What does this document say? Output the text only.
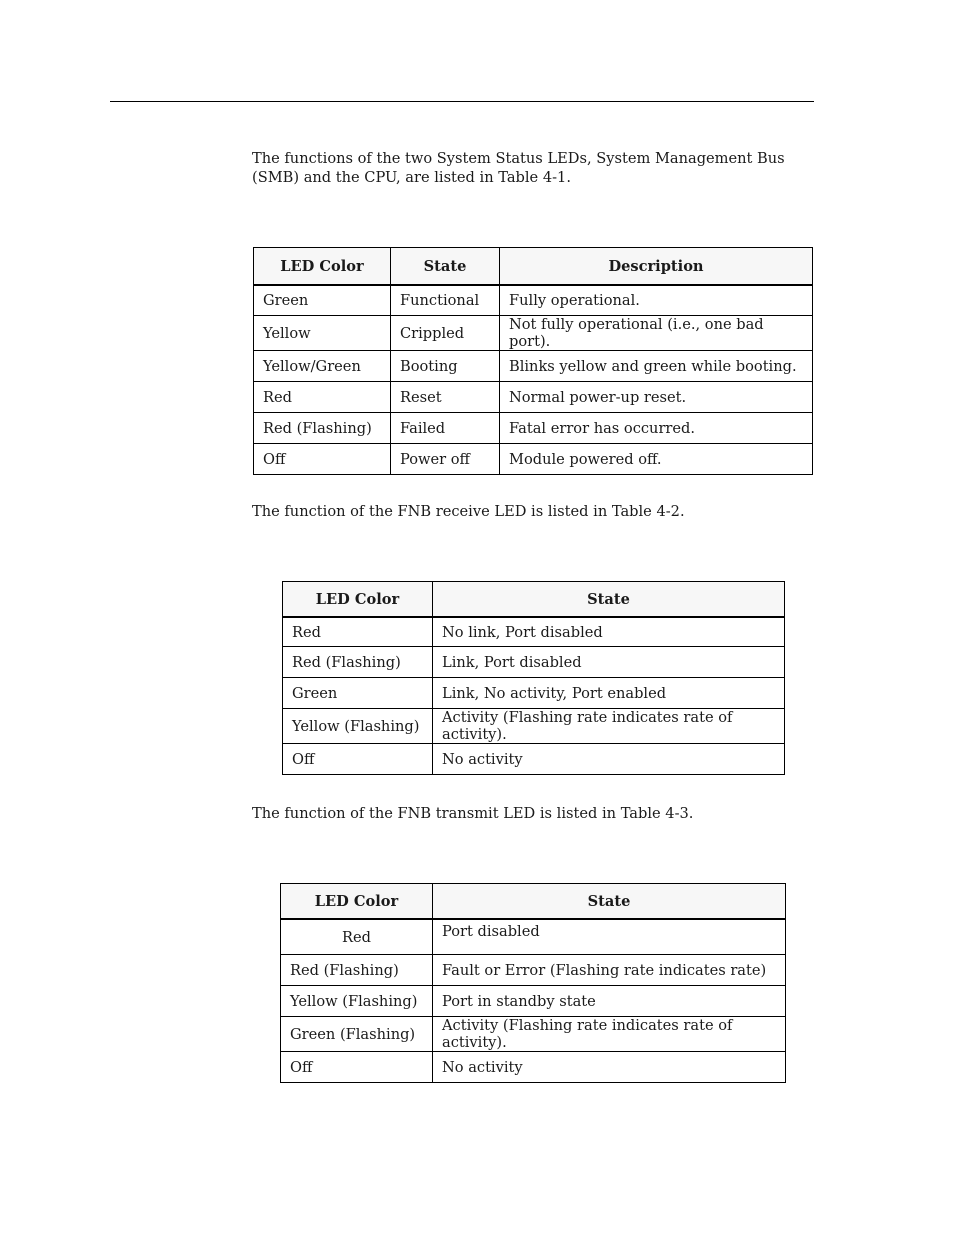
The functions of the two System Status LEDs, System Management Bus (SMB) and the CPU, are listed in Table 4-1.

LED Color	State	Description
Green	Functional	Fully operational.
Yellow	Crippled	Not fully operational (i.e., one bad port).
Yellow/Green	Booting	Blinks yellow and green while booting.
Red	Reset	Normal power-up reset.
Red (Flashing)	Failed	Fatal error has occurred.
Off	Power off	Module powered off.

The function of the FNB receive LED is listed in Table 4-2.

LED Color	State
Red	No link, Port disabled
Red (Flashing)	Link, Port disabled
Green	Link, No activity, Port enabled
Yellow (Flashing)	Activity (Flashing rate indicates rate of activity).
Off	No activity

The function of the FNB transmit LED is listed in Table 4-3.

LED Color	State
Red	Port disabled
Red (Flashing)	Fault or Error (Flashing rate indicates rate)
Yellow (Flashing)	Port in standby state
Green (Flashing)	Activity (Flashing rate indicates rate of activity).
Off	No activity
